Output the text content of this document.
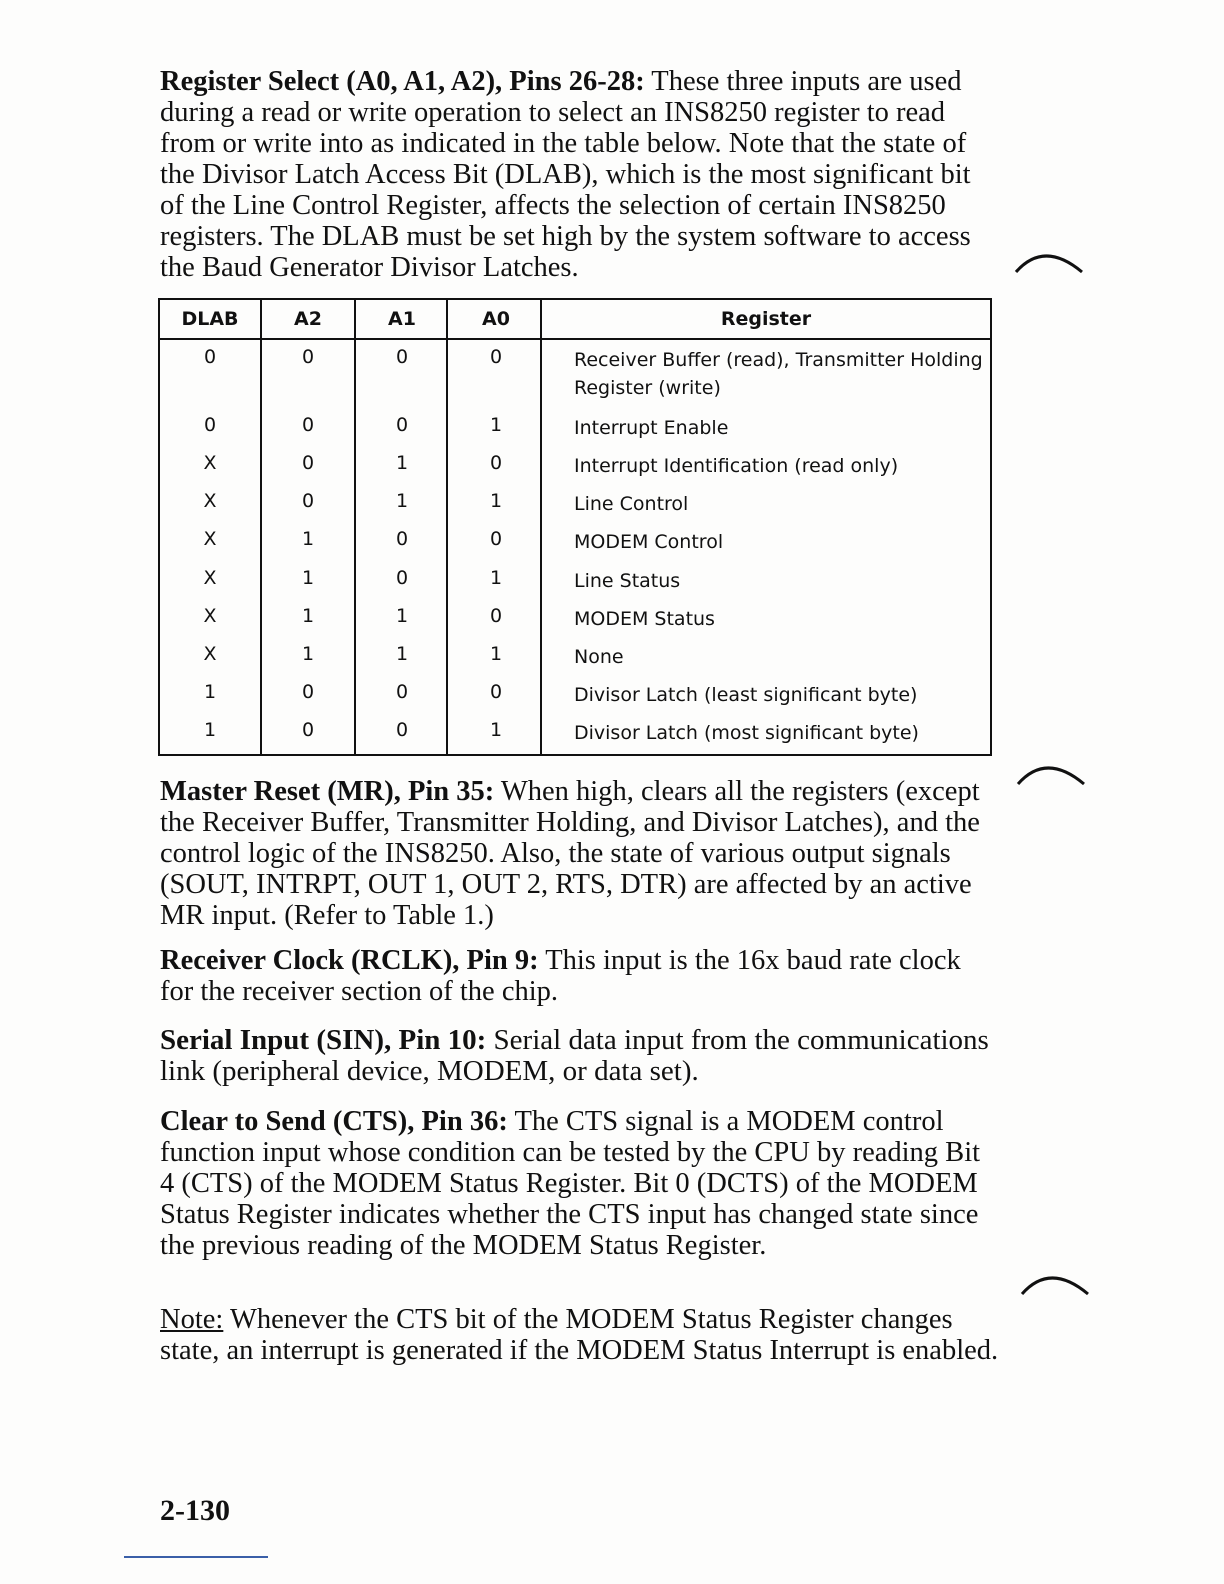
Register Select (A0, A1, A2), Pins 26-28: These three inputs are used during a read or write operation to select an INS8250 register to read from or write into as indicated in the table below. Note that the state of the Divisor Latch Access Bit (DLAB), which is the most significant bit of the Line Control Register, affects the selection of certain INS8250 registers. The DLAB must be set high by the system software to access the Baud Generator Divisor Latches.

DLAB	A2	A1	A0	Register
0	0	0	0	Receiver Buffer (read), Transmitter Holding Register (write)
0	0	0	1	Interrupt Enable
X	0	1	0	Interrupt Identification (read only)
X	0	1	1	Line Control
X	1	0	0	MODEM Control
X	1	0	1	Line Status
X	1	1	0	MODEM Status
X	1	1	1	None
1	0	0	0	Divisor Latch (least significant byte)
1	0	0	1	Divisor Latch (most significant byte)

Master Reset (MR), Pin 35: When high, clears all the registers (except the Receiver Buffer, Transmitter Holding, and Divisor Latches), and the control logic of the INS8250. Also, the state of various output signals (SOUT, INTRPT, OUT 1, OUT 2, RTS, DTR) are affected by an active MR input. (Refer to Table 1.)

Receiver Clock (RCLK), Pin 9: This input is the 16x baud rate clock for the receiver section of the chip.

Serial Input (SIN), Pin 10: Serial data input from the communications link (peripheral device, MODEM, or data set).

Clear to Send (CTS), Pin 36: The CTS signal is a MODEM control function input whose condition can be tested by the CPU by reading Bit 4 (CTS) of the MODEM Status Register. Bit 0 (DCTS) of the MODEM Status Register indicates whether the CTS input has changed state since the previous reading of the MODEM Status Register.

Note: Whenever the CTS bit of the MODEM Status Register changes state, an interrupt is generated if the MODEM Status Interrupt is enabled.

2-130
